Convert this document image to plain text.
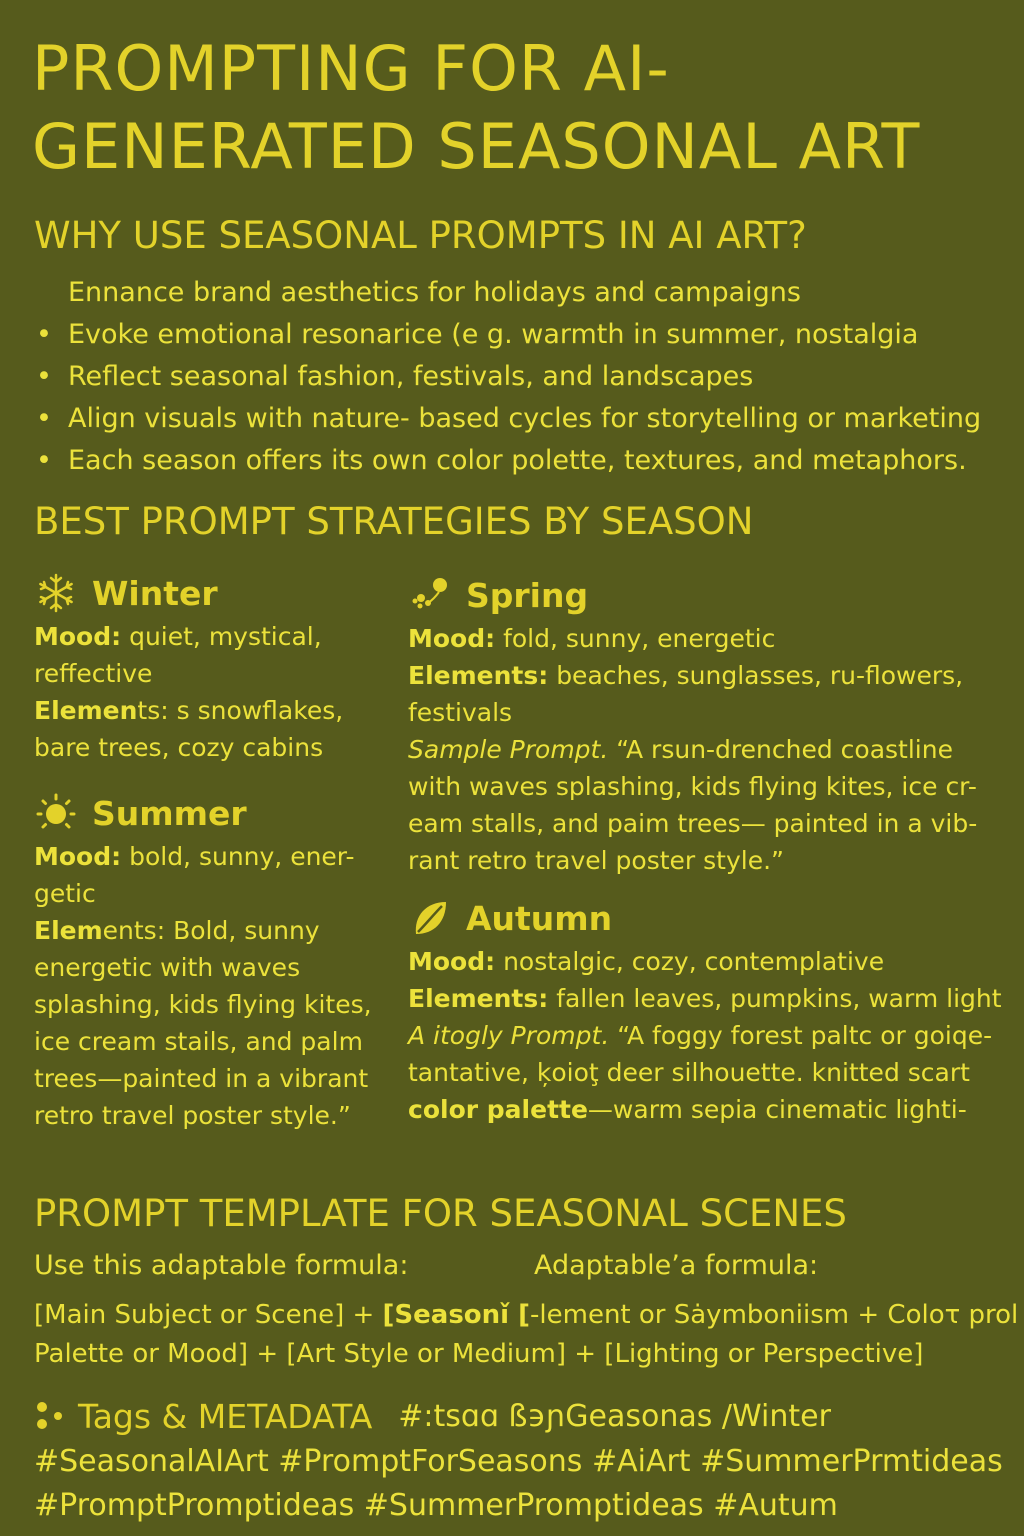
PROMPTING FOR AI-GENERATED SEASONAL ART
WHY USE SEASONAL PROMPTS IN AI ART?
Ennance brand aesthetics for holidays and campaigns
• Evoke emotional resonarice (e g. warmth in summer, nostalgia
• Reflect seasonal fashion, festivals, and landscapes
• Align visuals with nature- based cycles for storytelling or marketing
• Each season offers its own color polette, textures, and metaphors.
BEST PROMPT STRATEGIES BY SEASON
Winter

Mood: quiet, mystical, reffective

Elements: s snowflakes, bare trees, cozy cabins

Summer

Mood: bold, sunny, ener-getic

Elements: Bold, sunny energetic with waves splashing, kids flying kites, ice cream stails, and palm trees—painted in a vibrant retro travel poster style.”

Spring

Mood: fold, sunny, energetic

Elements: beaches, sunglasses, ru-flowers, festivals

Sample Prompt. “A rsun-drenched coastline with waves splashing, kids flying kites, ice cr-eam stalls, and paim trees— painted in a vib-rant retro travel poster style.”

Autumn

Mood: nostalgic, cozy, contemplative

Elements: fallen leaves, pumpkins, warm light

A itogly Prompt. “A foggy forest paltc or goiqe-tantative, ķoioţ deer silhouette. knitted scart color palette—warm sepia cinematic lighti-

PROMPT TEMPLATE FOR SEASONAL SCENES
Use this adaptable formula:	Adaptable’a formula:

[Main Subject or Scene] + [Seasonǐ [-lement or Sȧymboniism + Coloτ prol Palette or Mood] + [Art Style or Medium] + [Lighting or Perspective]

Tags & METADATA #:tsɑɑ ß϶ɲGeasonas /Winter
#SeasonalAIArt #PromptForSeasons #AiArt #SummerPrmtideas
#PromptPromptideas #SummerPromptideas #Autum
